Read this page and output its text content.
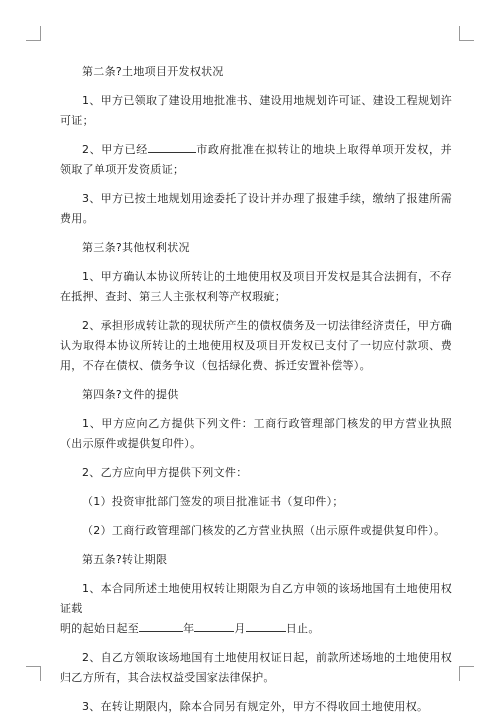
第二条?土地项目开发权状况

1、甲方已领取了建设用地批准书、建设用地规划许可证、建设工程规划许可证；

2、甲方已经	市政府批准在拟转让的地块上取得单项开发权，并领取了单项开发资质证；

3、甲方已按土地规划用途委托了设计并办理了报建手续，缴纳了报建所需费用。

第三条?其他权利状况

1、甲方确认本协议所转让的土地使用权及项目开发权是其合法拥有，不存在抵押、查封、第三人主张权利等产权瑕疵；

2、承担形成转让款的现状所产生的债权债务及一切法律经济责任，甲方确认为取得本协议所转让的土地使用权及项目开发权已支付了一切应付款项、费用，不存在债权、债务争议（包括绿化费、拆迁安置补偿等）。

第四条?文件的提供

1、甲方应向乙方提供下列文件：工商行政管理部门核发的甲方营业执照（出示原件或提供复印件）。

2、乙方应向甲方提供下列文件：

（1）投资审批部门签发的项目批准证书（复印件）；

（2）工商行政管理部门核发的乙方营业执照（出示原件或提供复印件）。

第五条?转让期限

1、本合同所述土地使用权转让期限为自乙方申领的该场地国有土地使用权证载
明的起始日起至	年	月	日止。

2、自乙方领取该场地国有土地使用权证日起，前款所述场地的土地使用权归乙方所有，其合法权益受国家法律保护。

3、在转让期限内，除本合同另有规定外，甲方不得收回土地使用权。
